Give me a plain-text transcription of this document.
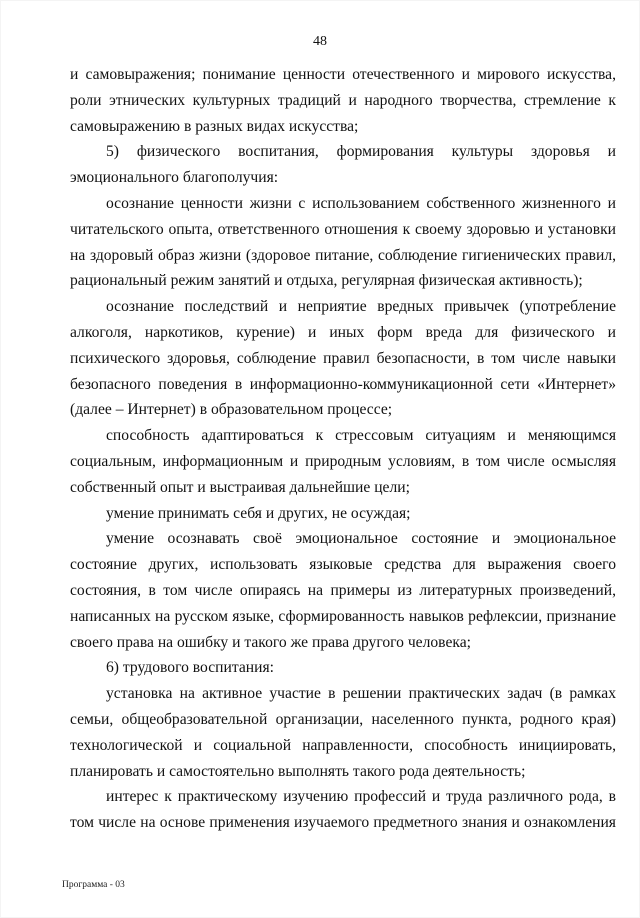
48

и самовыражения; понимание ценности отечественного и мирового искусства, роли этнических культурных традиций и народного творчества, стремление к самовыражению в разных видах искусства;

5) физического воспитания, формирования культуры здоровья и эмоционального благополучия:

осознание ценности жизни с использованием собственного жизненного и читательского опыта, ответственного отношения к своему здоровью и установки на здоровый образ жизни (здоровое питание, соблюдение гигиенических правил, рациональный режим занятий и отдыха, регулярная физическая активность);

осознание последствий и неприятие вредных привычек (употребление алкоголя, наркотиков, курение) и иных форм вреда для физического и психического здоровья, соблюдение правил безопасности, в том числе навыки безопасного поведения в информационно-коммуникационной сети «Интернет» (далее – Интернет) в образовательном процессе;

способность адаптироваться к стрессовым ситуациям и меняющимся социальным, информационным и природным условиям, в том числе осмысляя собственный опыт и выстраивая дальнейшие цели;

умение принимать себя и других, не осуждая;

умение осознавать своё эмоциональное состояние и эмоциональное состояние других, использовать языковые средства для выражения своего состояния, в том числе опираясь на примеры из литературных произведений, написанных на русском языке, сформированность навыков рефлексии, признание своего права на ошибку и такого же права другого человека;

6) трудового воспитания:

установка на активное участие в решении практических задач (в рамках семьи, общеобразовательной организации, населенного пункта, родного края) технологической и социальной направленности, способность инициировать, планировать и самостоятельно выполнять такого рода деятельность;

интерес к практическому изучению профессий и труда различного рода, в том числе на основе применения изучаемого предметного знания и ознакомления

Программа - 03
